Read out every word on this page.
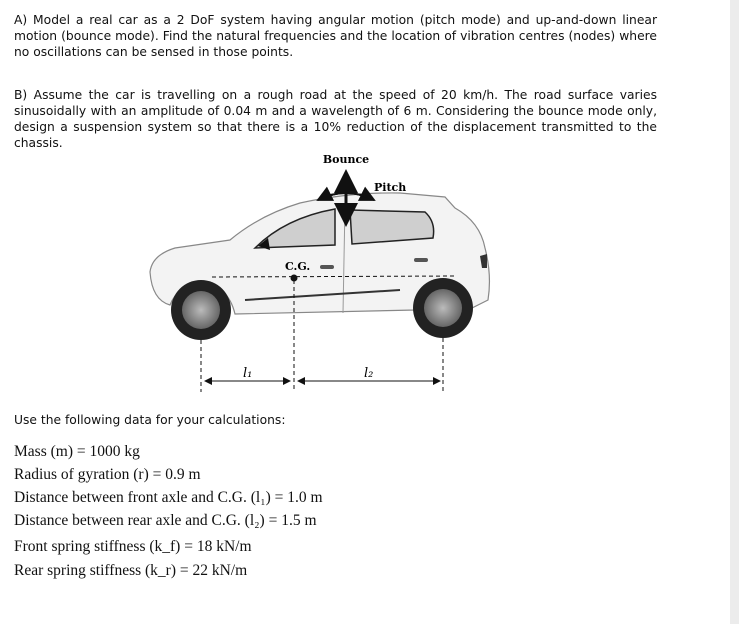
A) Model a real car as a 2 DoF system having angular motion (pitch mode) and up-and-down linear motion (bounce mode). Find the natural frequencies and the location of vibration centres (nodes) where no oscillations can be sensed in those points.
B) Assume the car is travelling on a rough road at the speed of 20 km/h. The road surface varies sinusoidally with an amplitude of 0.04 m and a wavelength of 6 m. Considering the bounce mode only, design a suspension system so that there is a 10% reduction of the displacement transmitted to the chassis.
Bounce
Pitch
C.G.
l₁	l₂
Use the following data for your calculations:
Mass (m) = 1000 kg
Radius of gyration (r) = 0.9 m
Distance between front axle and C.G. (l₁) = 1.0 m
Distance between rear axle and C.G. (l₂) = 1.5 m
Front spring stiffness (k_f) = 18 kN/m
Rear spring stiffness (k_r) = 22 kN/m
